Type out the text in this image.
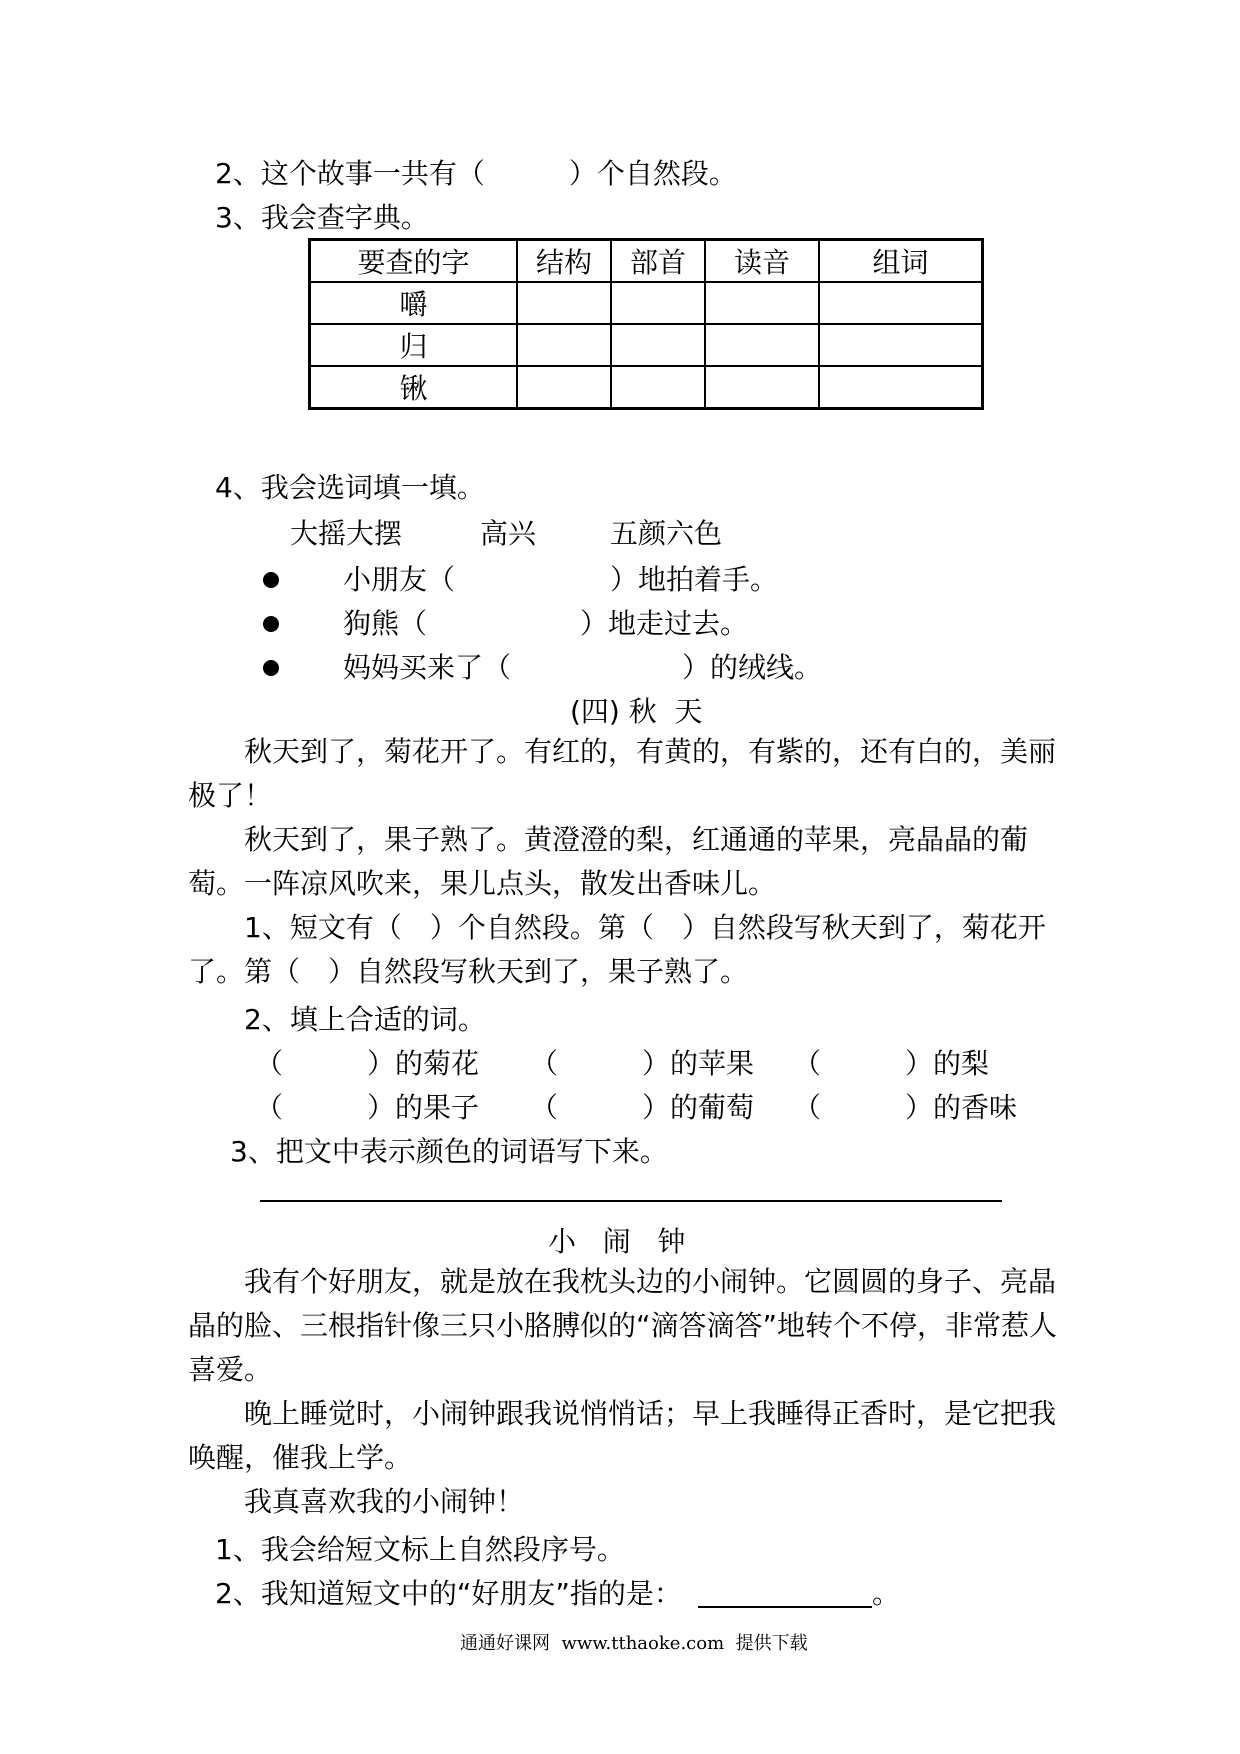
2、这个故事一共有（　　　）个自然段。
3、我会查字典。
要查的字	结构	部首	读音	组词
嚼				
归				
锹				
4、我会选词填一填。
大摇大摆	高兴	五颜六色
小朋友（	）地拍着手。
狗熊（	）地走过去。
妈妈买来了（	）的绒线。
(四) 秋  天
秋天到了，菊花开了。有红的，有黄的，有紫的，还有白的，美丽极了！
秋天到了，果子熟了。黄澄澄的梨，红通通的苹果，亮晶晶的葡萄。一阵凉风吹来，果儿点头，散发出香味儿。
1、短文有（　）个自然段。第（　）自然段写秋天到了，菊花开了。第（　）自然段写秋天到了，果子熟了。
2、填上合适的词。
（　　　）的菊花 （　　　）的苹果 （　　　）的梨
（　　　）的果子 （　　　）的葡萄 （　　　）的香味
3、把文中表示颜色的词语写下来。
小   闹   钟
我有个好朋友，就是放在我枕头边的小闹钟。它圆圆的身子、亮晶晶的脸、三根指针像三只小胳膊似的“滴答滴答”地转个不停，非常惹人喜爱。
晚上睡觉时，小闹钟跟我说悄悄话；早上我睡得正香时，是它把我唤醒，催我上学。
我真喜欢我的小闹钟！
1、我会给短文标上自然段序号。
2、我知道短文中的“好朋友”指的是：	。
通通好课网  www.tthaoke.com  提供下载
